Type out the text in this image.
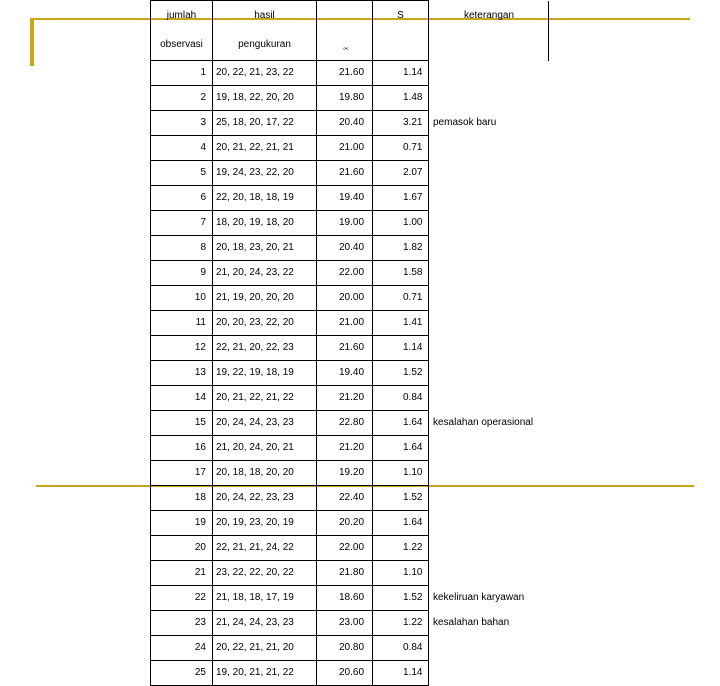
jumlah	hasil		S	keterangan
observasi	pengukuran	x̄		

1	20, 22, 21, 23, 22	21.60	1.14	
2	19, 18, 22, 20, 20	19.80	1.48	
3	25, 18, 20, 17, 22	20.40	3.21	pemasok baru
4	20, 21, 22, 21, 21	21.00	0.71	
5	19, 24, 23, 22, 20	21.60	2.07	
6	22, 20, 18, 18, 19	19.40	1.67	
7	18, 20, 19, 18, 20	19.00	1.00	
8	20, 18, 23, 20, 21	20.40	1.82	
9	21, 20, 24, 23, 22	22.00	1.58	
10	21, 19, 20, 20, 20	20.00	0.71	
11	20, 20, 23, 22, 20	21.00	1.41	
12	22, 21, 20, 22, 23	21.60	1.14	
13	19, 22, 19, 18, 19	19.40	1.52	
14	20, 21, 22, 21, 22	21.20	0.84	
15	20, 24, 24, 23, 23	22.80	1.64	kesalahan operasional
16	21, 20, 24, 20, 21	21.20	1.64	
17	20, 18, 18, 20, 20	19.20	1.10	
18	20, 24, 22, 23, 23	22.40	1.52	
19	20, 19, 23, 20, 19	20.20	1.64	
20	22, 21, 21, 24, 22	22.00	1.22	
21	23, 22, 22, 20, 22	21.80	1.10	
22	21, 18, 18, 17, 19	18.60	1.52	kekeliruan karyawan
23	21, 24, 24, 23, 23	23.00	1.22	kesalahan bahan
24	20, 22, 21, 21, 20	20.80	0.84	
25	19, 20, 21, 21, 22	20.60	1.14	
